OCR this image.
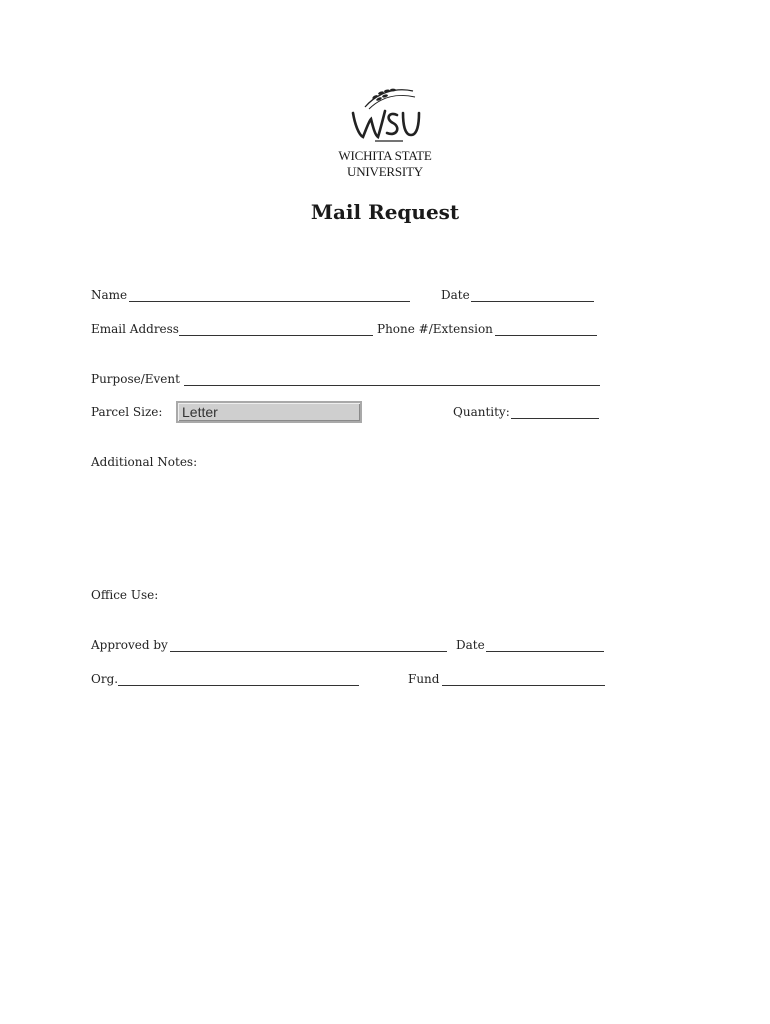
WICHITA STATE UNIVERSITY
Mail Request
Name	Date
Email Address	Phone #/Extension
Purpose/Event
Parcel Size:	Letter	Quantity:
Additional Notes:
Office Use:
Approved by	Date
Org.	Fund
